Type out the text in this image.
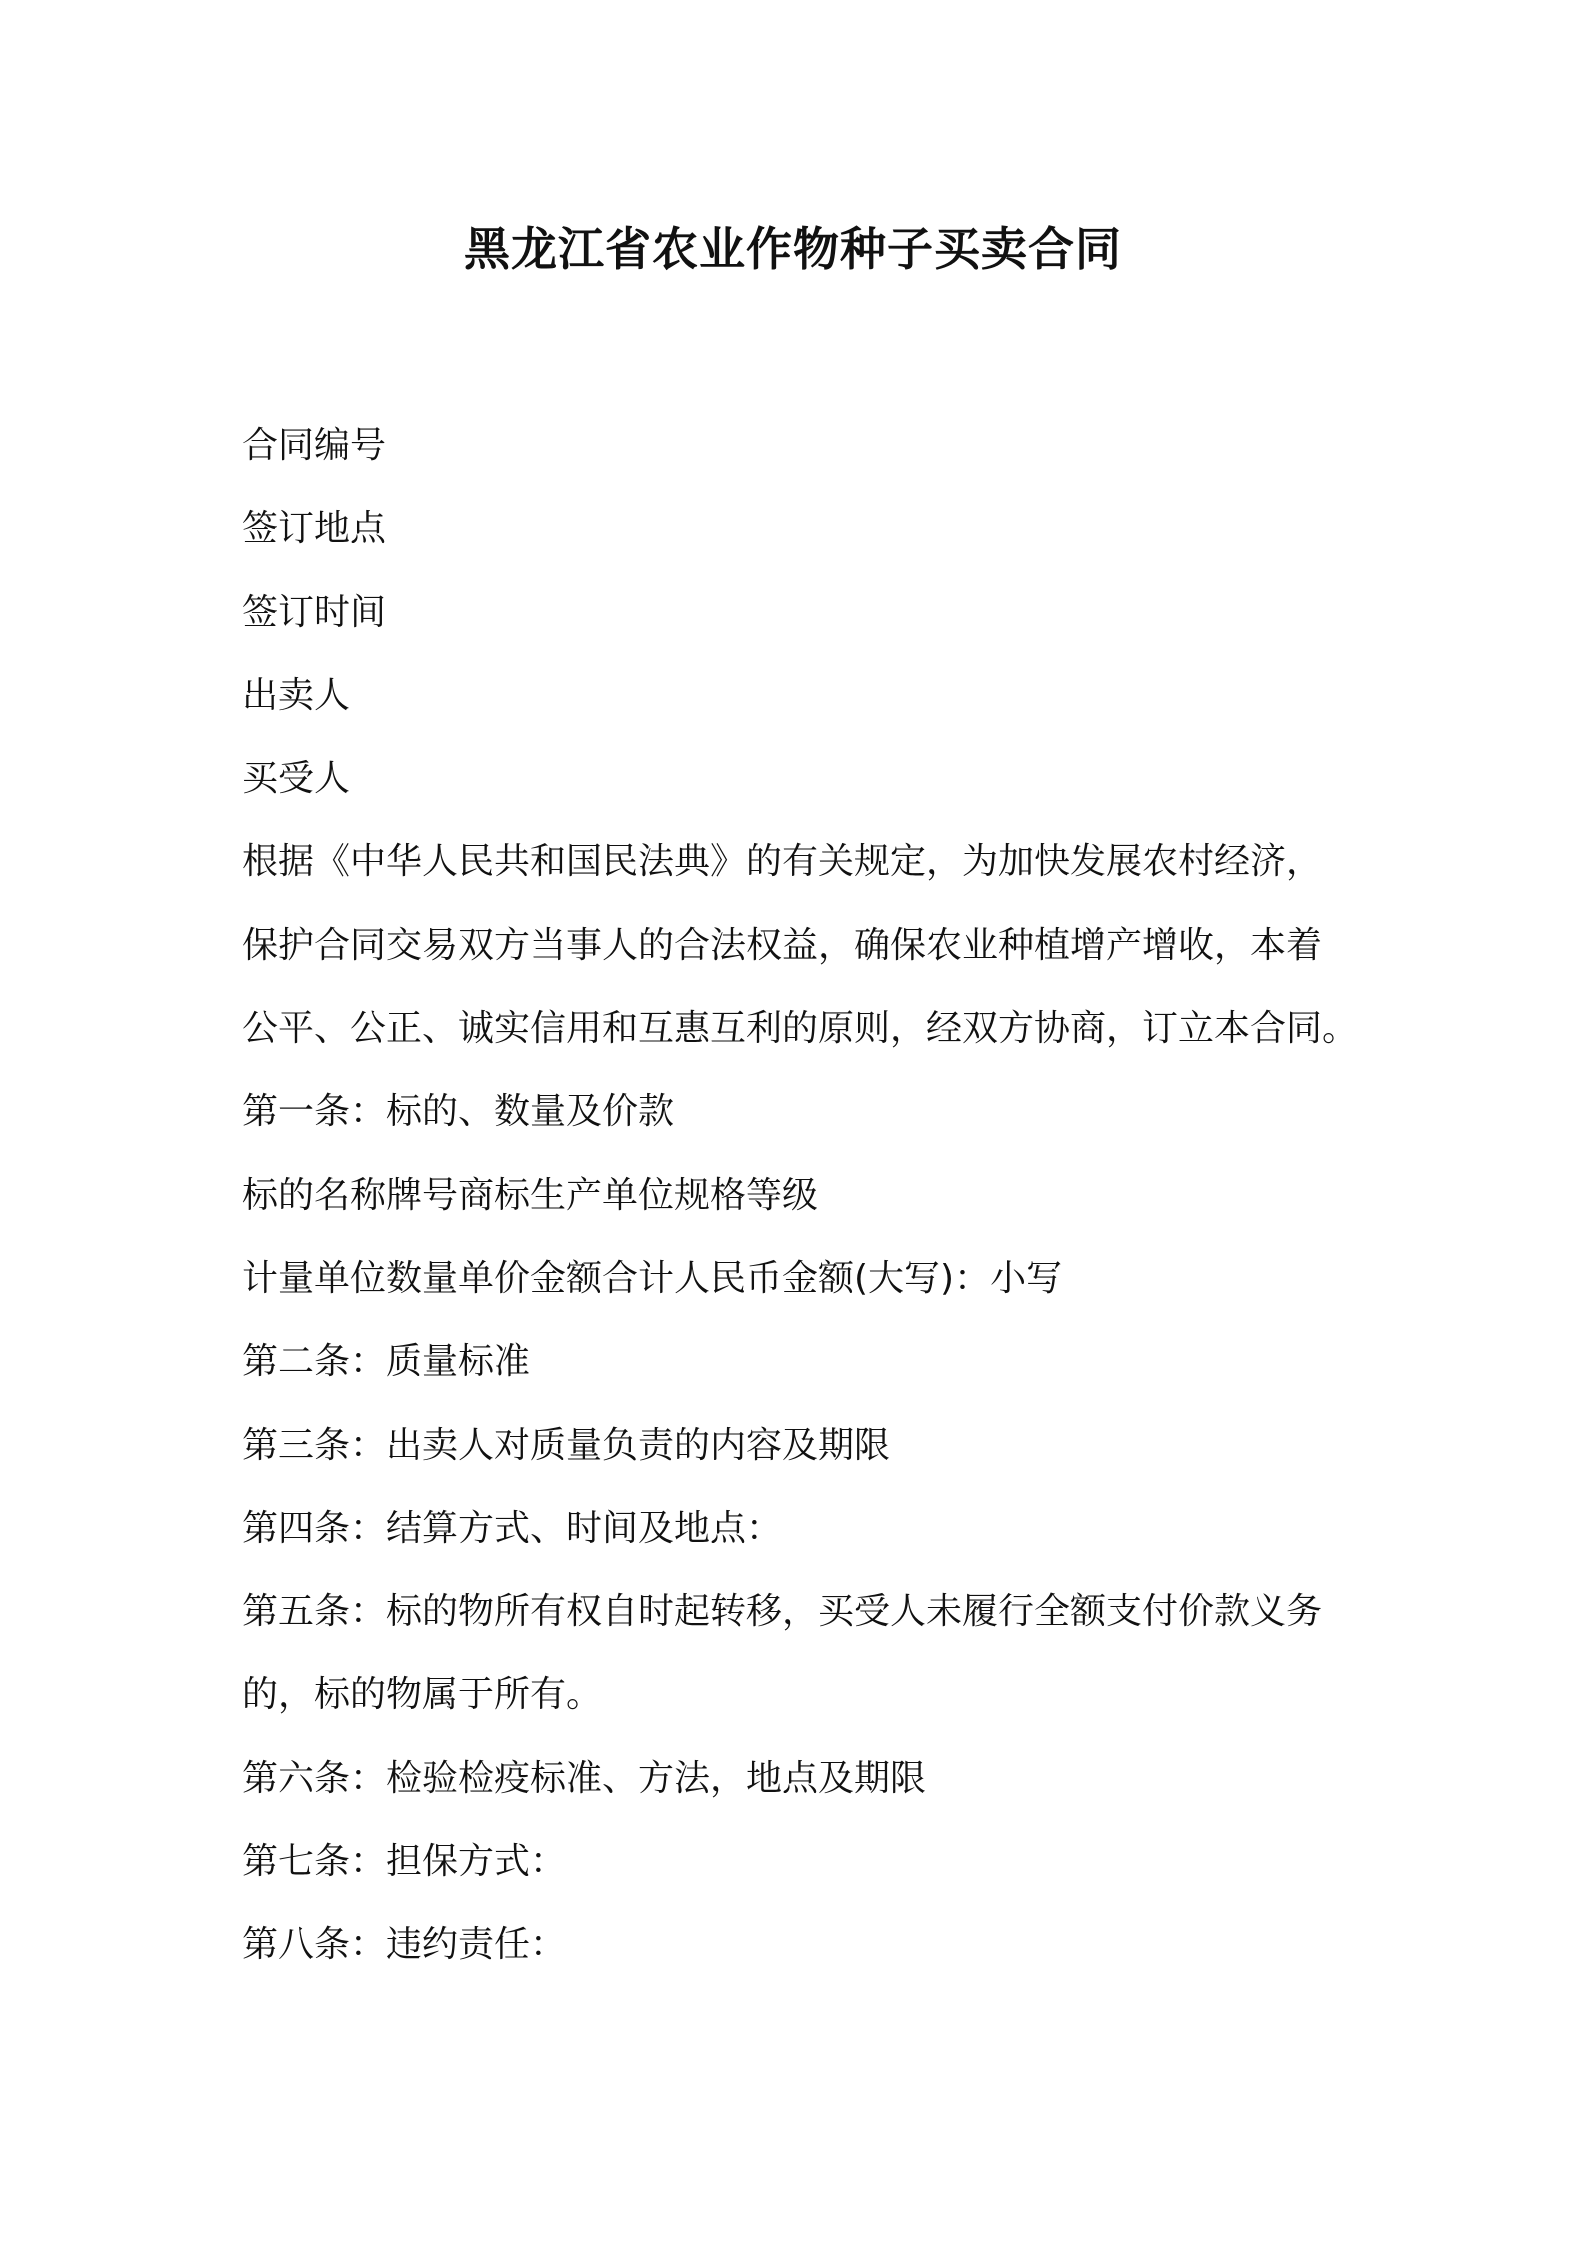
黑龙江省农业作物种子买卖合同
合同编号
签订地点
签订时间
出卖人
买受人
根据《中华人民共和国民法典》的有关规定，为加快发展农村经济，
保护合同交易双方当事人的合法权益，确保农业种植增产增收，本着
公平、公正、诚实信用和互惠互利的原则，经双方协商，订立本合同。
第一条：标的、数量及价款
标的名称牌号商标生产单位规格等级
计量单位数量单价金额合计人民币金额(大写)：小写
第二条：质量标准
第三条：出卖人对质量负责的内容及期限
第四条：结算方式、时间及地点：
第五条：标的物所有权自时起转移，买受人未履行全额支付价款义务
的，标的物属于所有。
第六条：检验检疫标准、方法，地点及期限
第七条：担保方式：
第八条：违约责任：
